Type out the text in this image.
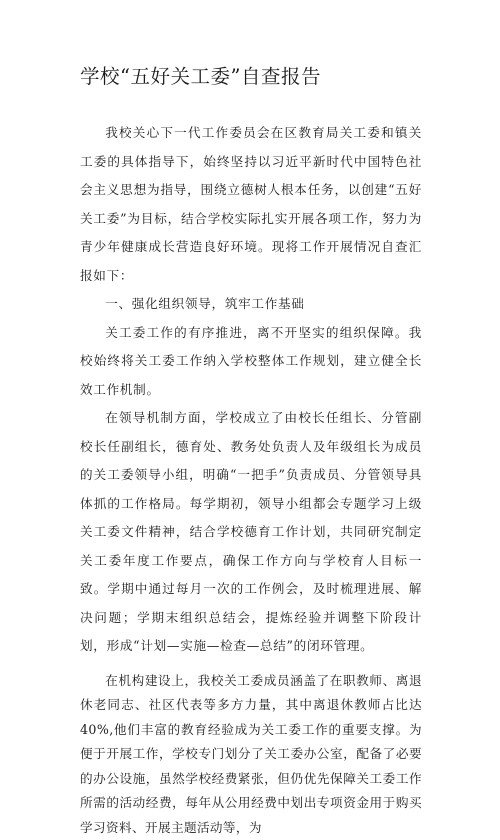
学校“五好关工委”自查报告

我校关心下一代工作委员会在区教育局关工委和镇关工委的具体指导下，始终坚持以习近平新时代中国特色社会主义思想为指导，围绕立德树人根本任务，以创建“五好关工委”为目标，结合学校实际扎实开展各项工作，努力为青少年健康成长营造良好环境。现将工作开展情况自查汇报如下：

一、强化组织领导，筑牢工作基础

关工委工作的有序推进，离不开坚实的组织保障。我校始终将关工委工作纳入学校整体工作规划，建立健全长效工作机制。

在领导机制方面，学校成立了由校长任组长、分管副校长任副组长，德育处、教务处负责人及年级组长为成员的关工委领导小组，明确“一把手”负责成员、分管领导具体抓的工作格局。每学期初，领导小组都会专题学习上级关工委文件精神，结合学校德育工作计划，共同研究制定关工委年度工作要点，确保工作方向与学校育人目标一致。学期中通过每月一次的工作例会，及时梳理进展、解决问题；学期末组织总结会，提炼经验并调整下阶段计划，形成“计划—实施—检查—总结”的闭环管理。

在机构建设上，我校关工委成员涵盖了在职教师、离退休老同志、社区代表等多方力量，其中离退休教师占比达40%,他们丰富的教育经验成为关工委工作的重要支撑。为便于开展工作，学校专门划分了关工委办公室，配备了必要的办公设施，虽然学校经费紧张，但仍优先保障关工委工作所需的活动经费，每年从公用经费中划出专项资金用于购买学习资料、开展主题活动等，为
